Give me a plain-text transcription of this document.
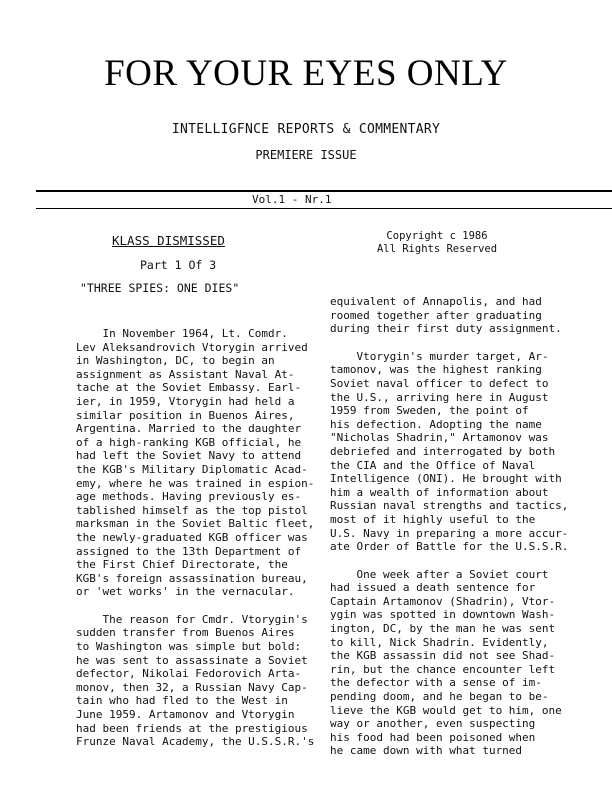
FOR YOUR EYES ONLY
INTELLIGFNCE REPORTS & COMMENTARY
PREMIERE ISSUE
Vol.1 - Nr.1
KLASS DISMISSED
Part 1 Of 3
"THREE SPIES: ONE DIES"
Copyright c 1986
All Rights Reserved
In November 1964, Lt. Comdr.
Lev Aleksandrovich Vtorygin arrived
in Washington, DC, to begin an
assignment as Assistant Naval At-
tache at the Soviet Embassy. Earl-
ier, in 1959, Vtorygin had held a
similar position in Buenos Aires,
Argentina. Married to the daughter
of a high-ranking KGB official, he
had left the Soviet Navy to attend
the KGB's Military Diplomatic Acad-
emy, where he was trained in espion-
age methods. Having previously es-
tablished himself as the top pistol
marksman in the Soviet Baltic fleet,
the newly-graduated KGB officer was
assigned to the 13th Department of
the First Chief Directorate, the
KGB's foreign assassination bureau,
or 'wet works' in the vernacular.
The reason for Cmdr. Vtorygin's
sudden transfer from Buenos Aires
to Washington was simple but bold:
he was sent to assassinate a Soviet
defector, Nikolai Fedorovich Arta-
monov, then 32, a Russian Navy Cap-
tain who had fled to the West in
June 1959. Artamonov and Vtorygin
had been friends at the prestigious
Frunze Naval Academy, the U.S.S.R.'s
equivalent of Annapolis, and had
roomed together after graduating
during their first duty assignment.
Vtorygin's murder target, Ar-
tamonov, was the highest ranking
Soviet naval officer to defect to
the U.S., arriving here in August
1959 from Sweden, the point of
his defection. Adopting the name
"Nicholas Shadrin," Artamonov was
debriefed and interrogated by both
the CIA and the Office of Naval
Intelligence (ONI). He brought with
him a wealth of information about
Russian naval strengths and tactics,
most of it highly useful to the
U.S. Navy in preparing a more accur-
ate Order of Battle for the U.S.S.R.
One week after a Soviet court
had issued a death sentence for
Captain Artamonov (Shadrin), Vtor-
ygin was spotted in downtown Wash-
ington, DC, by the man he was sent
to kill, Nick Shadrin. Evidently,
the KGB assassin did not see Shad-
rin, but the chance encounter left
the defector with a sense of im-
pending doom, and he began to be-
lieve the KGB would get to him, one
way or another, even suspecting
his food had been poisoned when
he came down with what turned
